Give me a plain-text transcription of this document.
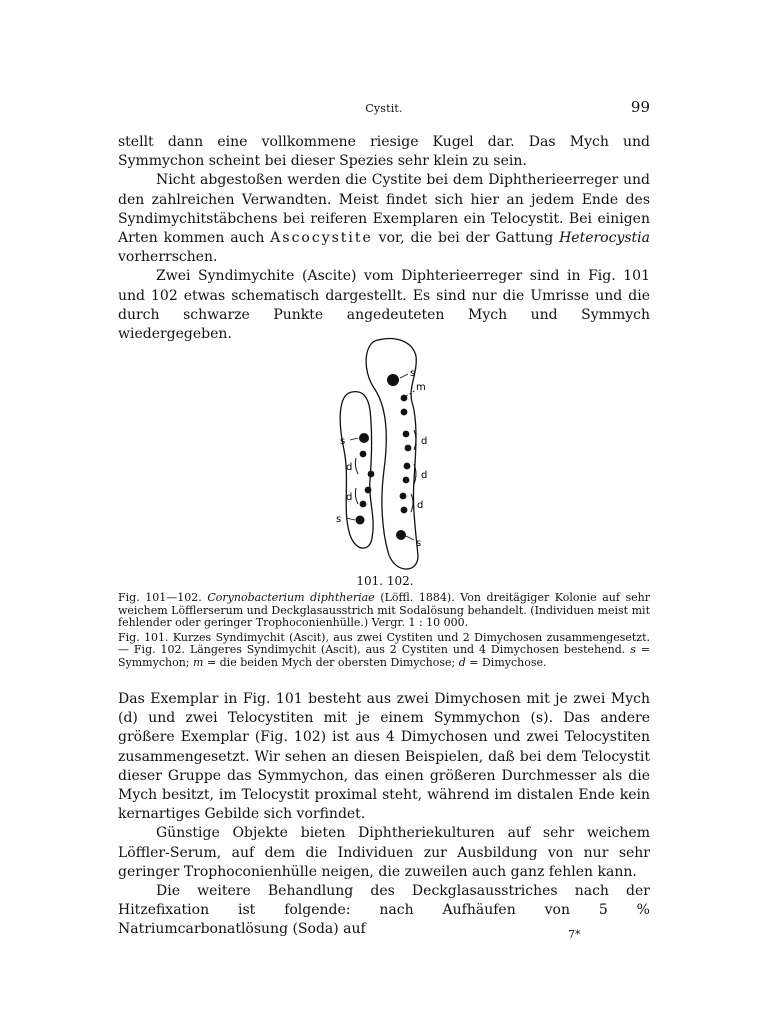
Cystit.	99

stellt dann eine vollkommene riesige Kugel dar. Das Mych und Symmychon scheint bei dieser Spezies sehr klein zu sein.

Nicht abgestoßen werden die Cystite bei dem Diphtherieerreger und den zahlreichen Verwandten. Meist findet sich hier an jedem Ende des Syndimychitstäbchens bei reiferen Exemplaren ein Telocystit. Bei einigen Arten kommen auch Ascocystite vor, die bei der Gattung Heterocystia vorherrschen.

Zwei Syndimychite (Ascite) vom Diphterieerreger sind in Fig. 101 und 102 etwas schematisch dargestellt. Es sind nur die Umrisse und die durch schwarze Punkte angedeuteten Mych und Symmych wiedergegeben.

s
m
s
d
d
s
d
d
d
s
101. 102.

Fig. 101—102. Corynobacterium diphtheriae (Löffl. 1884). Von dreitägiger Kolonie auf sehr weichem Löfflerserum und Deckglasausstrich mit Sodalösung behandelt. (Individuen meist mit fehlender oder geringer Trophoconienhülle.) Vergr. 1 : 10 000.

Fig. 101. Kurzes Syndimychit (Ascit), aus zwei Cystiten und 2 Dimychosen zusammengesetzt. — Fig. 102. Längeres Syndimychit (Ascit), aus 2 Cystiten und 4 Dimychosen bestehend. s = Symmychon; m = die beiden Mych der obersten Dimychose; d = Dimychose.

Das Exemplar in Fig. 101 besteht aus zwei Dimychosen mit je zwei Mych (d) und zwei Telocystiten mit je einem Symmychon (s). Das andere größere Exemplar (Fig. 102) ist aus 4 Dimychosen und zwei Telocystiten zusammengesetzt. Wir sehen an diesen Beispielen, daß bei dem Telocystit dieser Gruppe das Symmychon, das einen größeren Durchmesser als die Mych besitzt, im Telocystit proximal steht, während im distalen Ende kein kernartiges Gebilde sich vorfindet.

Günstige Objekte bieten Diphtheriekulturen auf sehr weichem Löffler-Serum, auf dem die Individuen zur Ausbildung von nur sehr geringer Trophoconienhülle neigen, die zuweilen auch ganz fehlen kann.

Die weitere Behandlung des Deckglasausstriches nach der Hitzefixation ist folgende: nach Aufhäufen von 5 % Natriumcarbonatlösung (Soda) auf	7*
